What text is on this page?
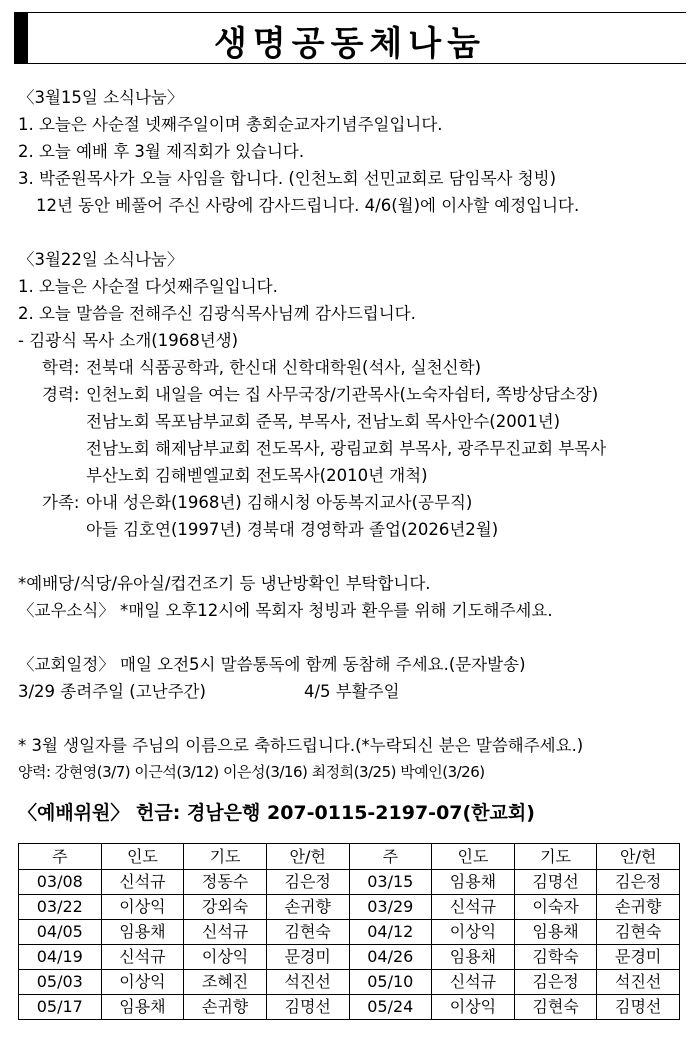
생명공동체나눔
〈3월15일 소식나눔〉
1. 오늘은 사순절 넷째주일이며 총회순교자기념주일입니다.
2. 오늘 예배 후 3월 제직회가 있습니다.
3. 박준원목사가 오늘 사임을 합니다. (인천노회 선민교회로 담임목사 청빙)
12년 동안 베풀어 주신 사랑에 감사드립니다. 4/6(월)에 이사할 예정입니다.
〈3월22일 소식나눔〉
1. 오늘은 사순절 다섯째주일입니다.
2. 오늘 말씀을 전해주신 김광식목사님께 감사드립니다.
- 김광식 목사 소개(1968년생)
학력: 전북대 식품공학과, 한신대 신학대학원(석사, 실천신학)
경력: 인천노회 내일을 여는 집 사무국장/기관목사(노숙자쉼터, 쪽방상담소장)
전남노회 목포남부교회 준목, 부목사, 전남노회 목사안수(2001년)
전남노회 해제남부교회 전도목사, 광림교회 부목사, 광주무진교회 부목사
부산노회 김해벧엘교회 전도목사(2010년 개척)
가족: 아내 성은화(1968년) 김해시청 아동복지교사(공무직)
아들 김호연(1997년) 경북대 경영학과 졸업(2026년2월)
*예배당/식당/유아실/컵건조기 등 냉난방확인 부탁합니다.
〈교우소식〉 *매일 오후12시에 목회자 청빙과 환우를 위해 기도해주세요.
〈교회일정〉 매일 오전5시 말씀통독에 함께 동참해 주세요.(문자발송)
3/29 종려주일 (고난주간)	4/5 부활주일
* 3월 생일자를 주님의 이름으로 축하드립니다.(*누락되신 분은 말씀해주세요.)
양력: 강현영(3/7) 이근석(3/12) 이은성(3/16) 최정희(3/25) 박예인(3/26)
〈예배위원〉 헌금: 경남은행 207-0115-2197-07(한교회)
주	인도	기도	안/헌	주	인도	기도	안/헌
03/08	신석규	정동수	김은정	03/15	임용채	김명선	김은정
03/22	이상익	강외숙	손귀향	03/29	신석규	이숙자	손귀향
04/05	임용채	신석규	김현숙	04/12	이상익	임용채	김현숙
04/19	신석규	이상익	문경미	04/26	임용채	김학숙	문경미
05/03	이상익	조혜진	석진선	05/10	신석규	김은정	석진선
05/17	임용채	손귀향	김명선	05/24	이상익	김현숙	김명선
